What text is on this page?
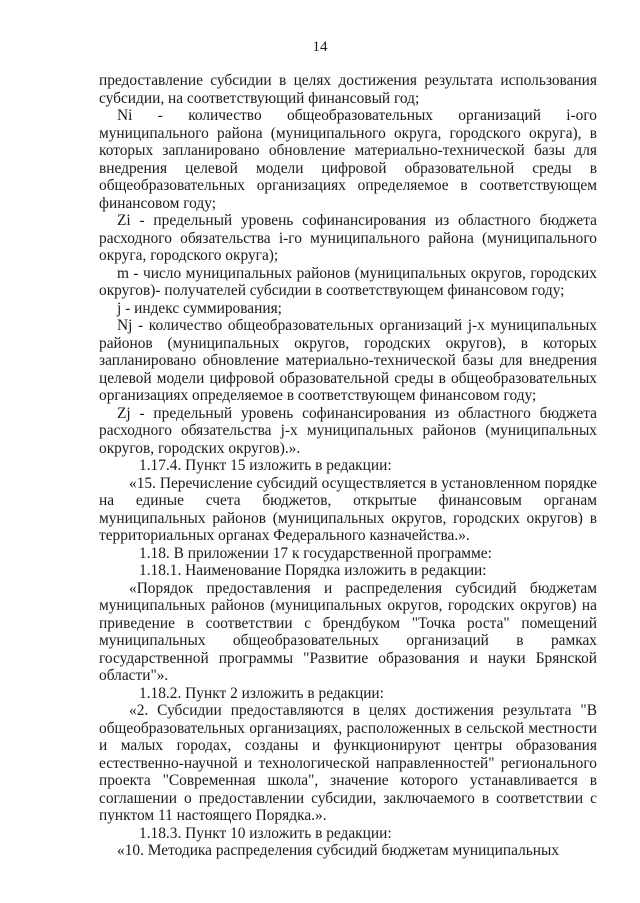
14

предоставление субсидии в целях достижения результата использования субсидии, на соответствующий финансовый год;

Ni - количество общеобразовательных организаций i-ого муниципального района (муниципального округа, городского округа), в которых запланировано обновление материально-технической базы для внедрения целевой модели цифровой образовательной среды в общеобразовательных организациях определяемое в соответствующем финансовом году;

Zi - предельный уровень софинансирования из областного бюджета расходного обязательства i-го муниципального района (муниципального округа, городского округа);

m - число муниципальных районов (муниципальных округов, городских округов)- получателей субсидии в соответствующем финансовом году;

j - индекс суммирования;

Nj - количество общеобразовательных организаций j-х муниципальных районов (муниципальных округов, городских округов), в которых запланировано обновление материально-технической базы для внедрения целевой модели цифровой образовательной среды в общеобразовательных организациях определяемое в соответствующем финансовом году;

Zj - предельный уровень софинансирования из областного бюджета расходного обязательства j-х муниципальных районов (муниципальных округов, городских округов).».

1.17.4. Пункт 15 изложить в редакции:

«15. Перечисление субсидий осуществляется в установленном порядке на единые счета бюджетов, открытые финансовым органам муниципальных районов (муниципальных округов, городских округов) в территориальных органах Федерального казначейства.».

1.18. В приложении 17 к государственной программе:

1.18.1. Наименование Порядка изложить в редакции:

«Порядок предоставления и распределения субсидий бюджетам муниципальных районов (муниципальных округов, городских округов) на приведение в соответствии с брендбуком "Точка роста" помещений муниципальных общеобразовательных организаций в рамках государственной программы "Развитие образования и науки Брянской области"».

1.18.2. Пункт 2 изложить в редакции:

«2. Субсидии предоставляются в целях достижения результата "В общеобразовательных организациях, расположенных в сельской местности и малых городах, созданы и функционируют центры образования естественно-научной и технологической направленностей" регионального проекта "Современная школа", значение которого устанавливается в соглашении о предоставлении субсидии, заключаемого в соответствии с пунктом 11 настоящего Порядка.».

1.18.3. Пункт 10 изложить в редакции:

«10. Методика распределения субсидий бюджетам муниципальных
